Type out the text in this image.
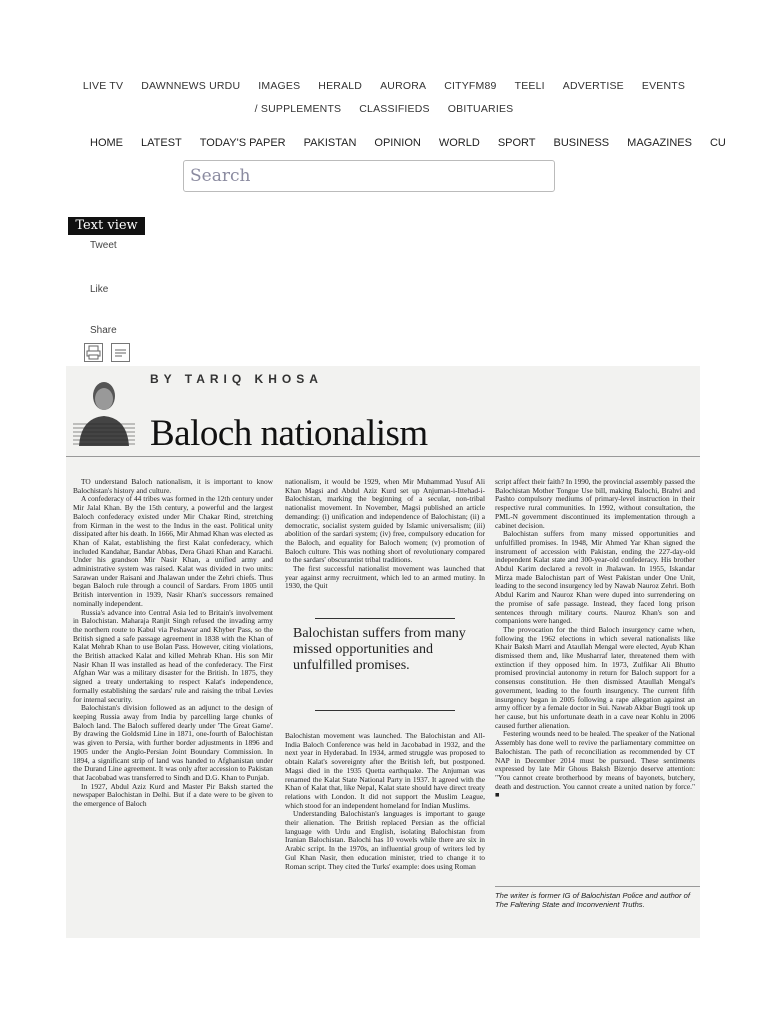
LIVE TV	DAWNNEWS URDU	IMAGES	HERALD	AURORA	CITYFM89	TEELI	ADVERTISE	EVENTS
/ SUPPLEMENTS	CLASSIFIEDS	OBITUARIES
HOME LATEST TODAY'S PAPER PAKISTAN OPINION WORLD SPORT BUSINESS MAGAZINES CU
Search
Text view
Tweet
Like
Share
BY TARIQ KHOSA
Baloch nationalism

TO understand Baloch nationalism, it is important to know Balochistan's history and culture.

A confederacy of 44 tribes was formed in the 12th century under Mir Jalal Khan. By the 15th century, a powerful and the largest Baloch confederacy existed under Mir Chakar Rind, stretching from Kirman in the west to the Indus in the east. Political unity dissipated after his death. In 1666, Mir Ahmad Khan was elected as Khan of Kalat, establishing the first Kalat confederacy, which included Kandahar, Bandar Abbas, Dera Ghazi Khan and Karachi. Under his grandson Mir Nasir Khan, a unified army and administrative system was raised. Kalat was divided in two units: Sarawan under Raisani and Jhalawan under the Zehri chiefs. Thus began Baloch rule through a council of Sardars. From 1805 until British intervention in 1939, Nasir Khan's successors remained nominally independent.

Russia's advance into Central Asia led to Britain's involvement in Balochistan. Maharaja Ranjit Singh refused the invading army the northern route to Kabul via Peshawar and Khyber Pass, so the British signed a safe passage agreement in 1838 with the Khan of Kalat Mehrab Khan to use Bolan Pass. However, citing violations, the British attacked Kalat and killed Mehrab Khan. His son Mir Nasir Khan II was installed as head of the confederacy. The First Afghan War was a military disaster for the British. In 1875, they signed a treaty undertaking to respect Kalat's independence, formally establishing the sardars' rule and raising the tribal Levies for internal security.

Balochistan's division followed as an adjunct to the design of keeping Russia away from India by parcelling large chunks of Baloch land. The Baloch suffered dearly under 'The Great Game'. By drawing the Goldsmid Line in 1871, one-fourth of Balochistan was given to Persia, with further border adjustments in 1896 and 1905 under the Anglo-Persian Joint Boundary Commission. In 1894, a significant strip of land was handed to Afghanistan under the Durand Line agreement. It was only after accession to Pakistan that Jacobabad was transferred to Sindh and D.G. Khan to Punjab.

In 1927, Abdul Aziz Kurd and Master Pir Baksh started the newspaper Balochistan in Delhi. But if a date were to be given to the emergence of Baloch

nationalism, it would be 1929, when Mir Muhammad Yusuf Ali Khan Magsi and Abdul Aziz Kurd set up Anjuman-i-Ittehad-i-Balochistan, marking the beginning of a secular, non-tribal nationalist movement. In November, Magsi published an article demanding: (i) unification and independence of Balochistan; (ii) a democratic, socialist system guided by Islamic universalism; (iii) abolition of the sardari system; (iv) free, compulsory education for the Baloch, and equality for Baloch women; (v) promotion of Baloch culture. This was nothing short of revolutionary compared to the sardars' obscurantist tribal traditions.

The first successful nationalist movement was launched that year against army recruitment, which led to an armed mutiny. In 1930, the Quit

Balochistan suffers from many missed opportunities and unfulfilled promises.

Balochistan movement was launched. The Balochistan and All-India Baloch Conference was held in Jacobabad in 1932, and the next year in Hyderabad. In 1934, armed struggle was proposed to obtain Kalat's sovereignty after the British left, but postponed. Magsi died in the 1935 Quetta earthquake. The Anjuman was renamed the Kalat State National Party in 1937. It agreed with the Khan of Kalat that, like Nepal, Kalat state should have direct treaty relations with London. It did not support the Muslim League, which stood for an independent homeland for Indian Muslims.

Understanding Balochistan's languages is important to gauge their alienation. The British replaced Persian as the official language with Urdu and English, isolating Balochistan from Iranian Balochistan. Balochi has 10 vowels while there are six in Arabic script. In the 1970s, an influential group of writers led by Gul Khan Nasir, then education minister, tried to change it to Roman script. They cited the Turks' example: does using Roman

script affect their faith? In 1990, the provincial assembly passed the Balochistan Mother Tongue Use bill, making Balochi, Brahvi and Pashto compulsory mediums of primary-level instruction in their respective rural communities. In 1992, without consultation, the PML-N government discontinued its implementation through a cabinet decision.

Balochistan suffers from many missed opportunities and unfulfilled promises. In 1948, Mir Ahmed Yar Khan signed the instrument of accession with Pakistan, ending the 227-day-old independent Kalat state and 300-year-old confederacy. His brother Abdul Karim declared a revolt in Jhalawan. In 1955, Iskandar Mirza made Balochistan part of West Pakistan under One Unit, leading to the second insurgency led by Nawab Nauroz Zehri. Both Abdul Karim and Nauroz Khan were duped into surrendering on the promise of safe passage. Instead, they faced long prison sentences through military courts. Nauroz Khan's son and companions were hanged.

The provocation for the third Baloch insurgency came when, following the 1962 elections in which several nationalists like Khair Baksh Marri and Ataullah Mengal were elected, Ayub Khan dismissed them and, like Musharraf later, threatened them with extinction if they opposed him. In 1973, Zulfikar Ali Bhutto promised provincial autonomy in return for Baloch support for a consensus constitution. He then dismissed Ataullah Mengal's government, leading to the fourth insurgency. The current fifth insurgency began in 2005 following a rape allegation against an army officer by a female doctor in Sui. Nawab Akbar Bugti took up her cause, but his unfortunate death in a cave near Kohlu in 2006 caused further alienation.

Festering wounds need to be healed. The speaker of the National Assembly has done well to revive the parliamentary committee on Balochistan. The path of reconciliation as recommended by CT NAP in December 2014 must be pursued. These sentiments expressed by late Mir Ghous Baksh Bizenjo deserve attention: "You cannot create brotherhood by means of bayonets, butchery, death and destruction. You cannot create a united nation by force." ■

The writer is former IG of Balochistan Police and author of The Faltering State and Inconvenient Truths.
